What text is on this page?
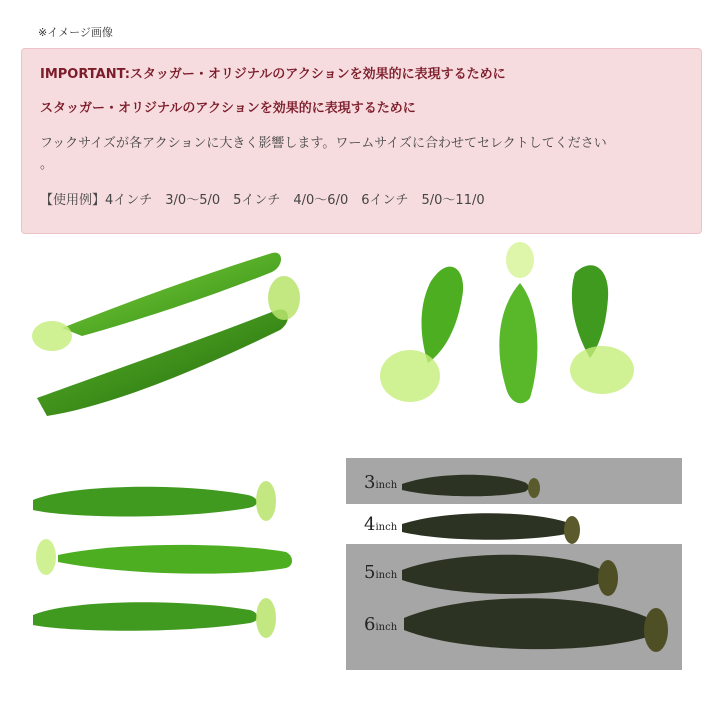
※イメージ画像
IMPORTANT:スタッガー・オリジナルのアクションを効果的に表現するために
スタッガー・オリジナルのアクションを効果的に表現するために
フックサイズが各アクションに大きく影響します。ワームサイズに合わせてセレクトしてください
。
【使用例】4インチ　3/0～5/0　5インチ　4/0～6/0　6インチ　5/0～11/0
3inch
4inch
5inch
6inch
